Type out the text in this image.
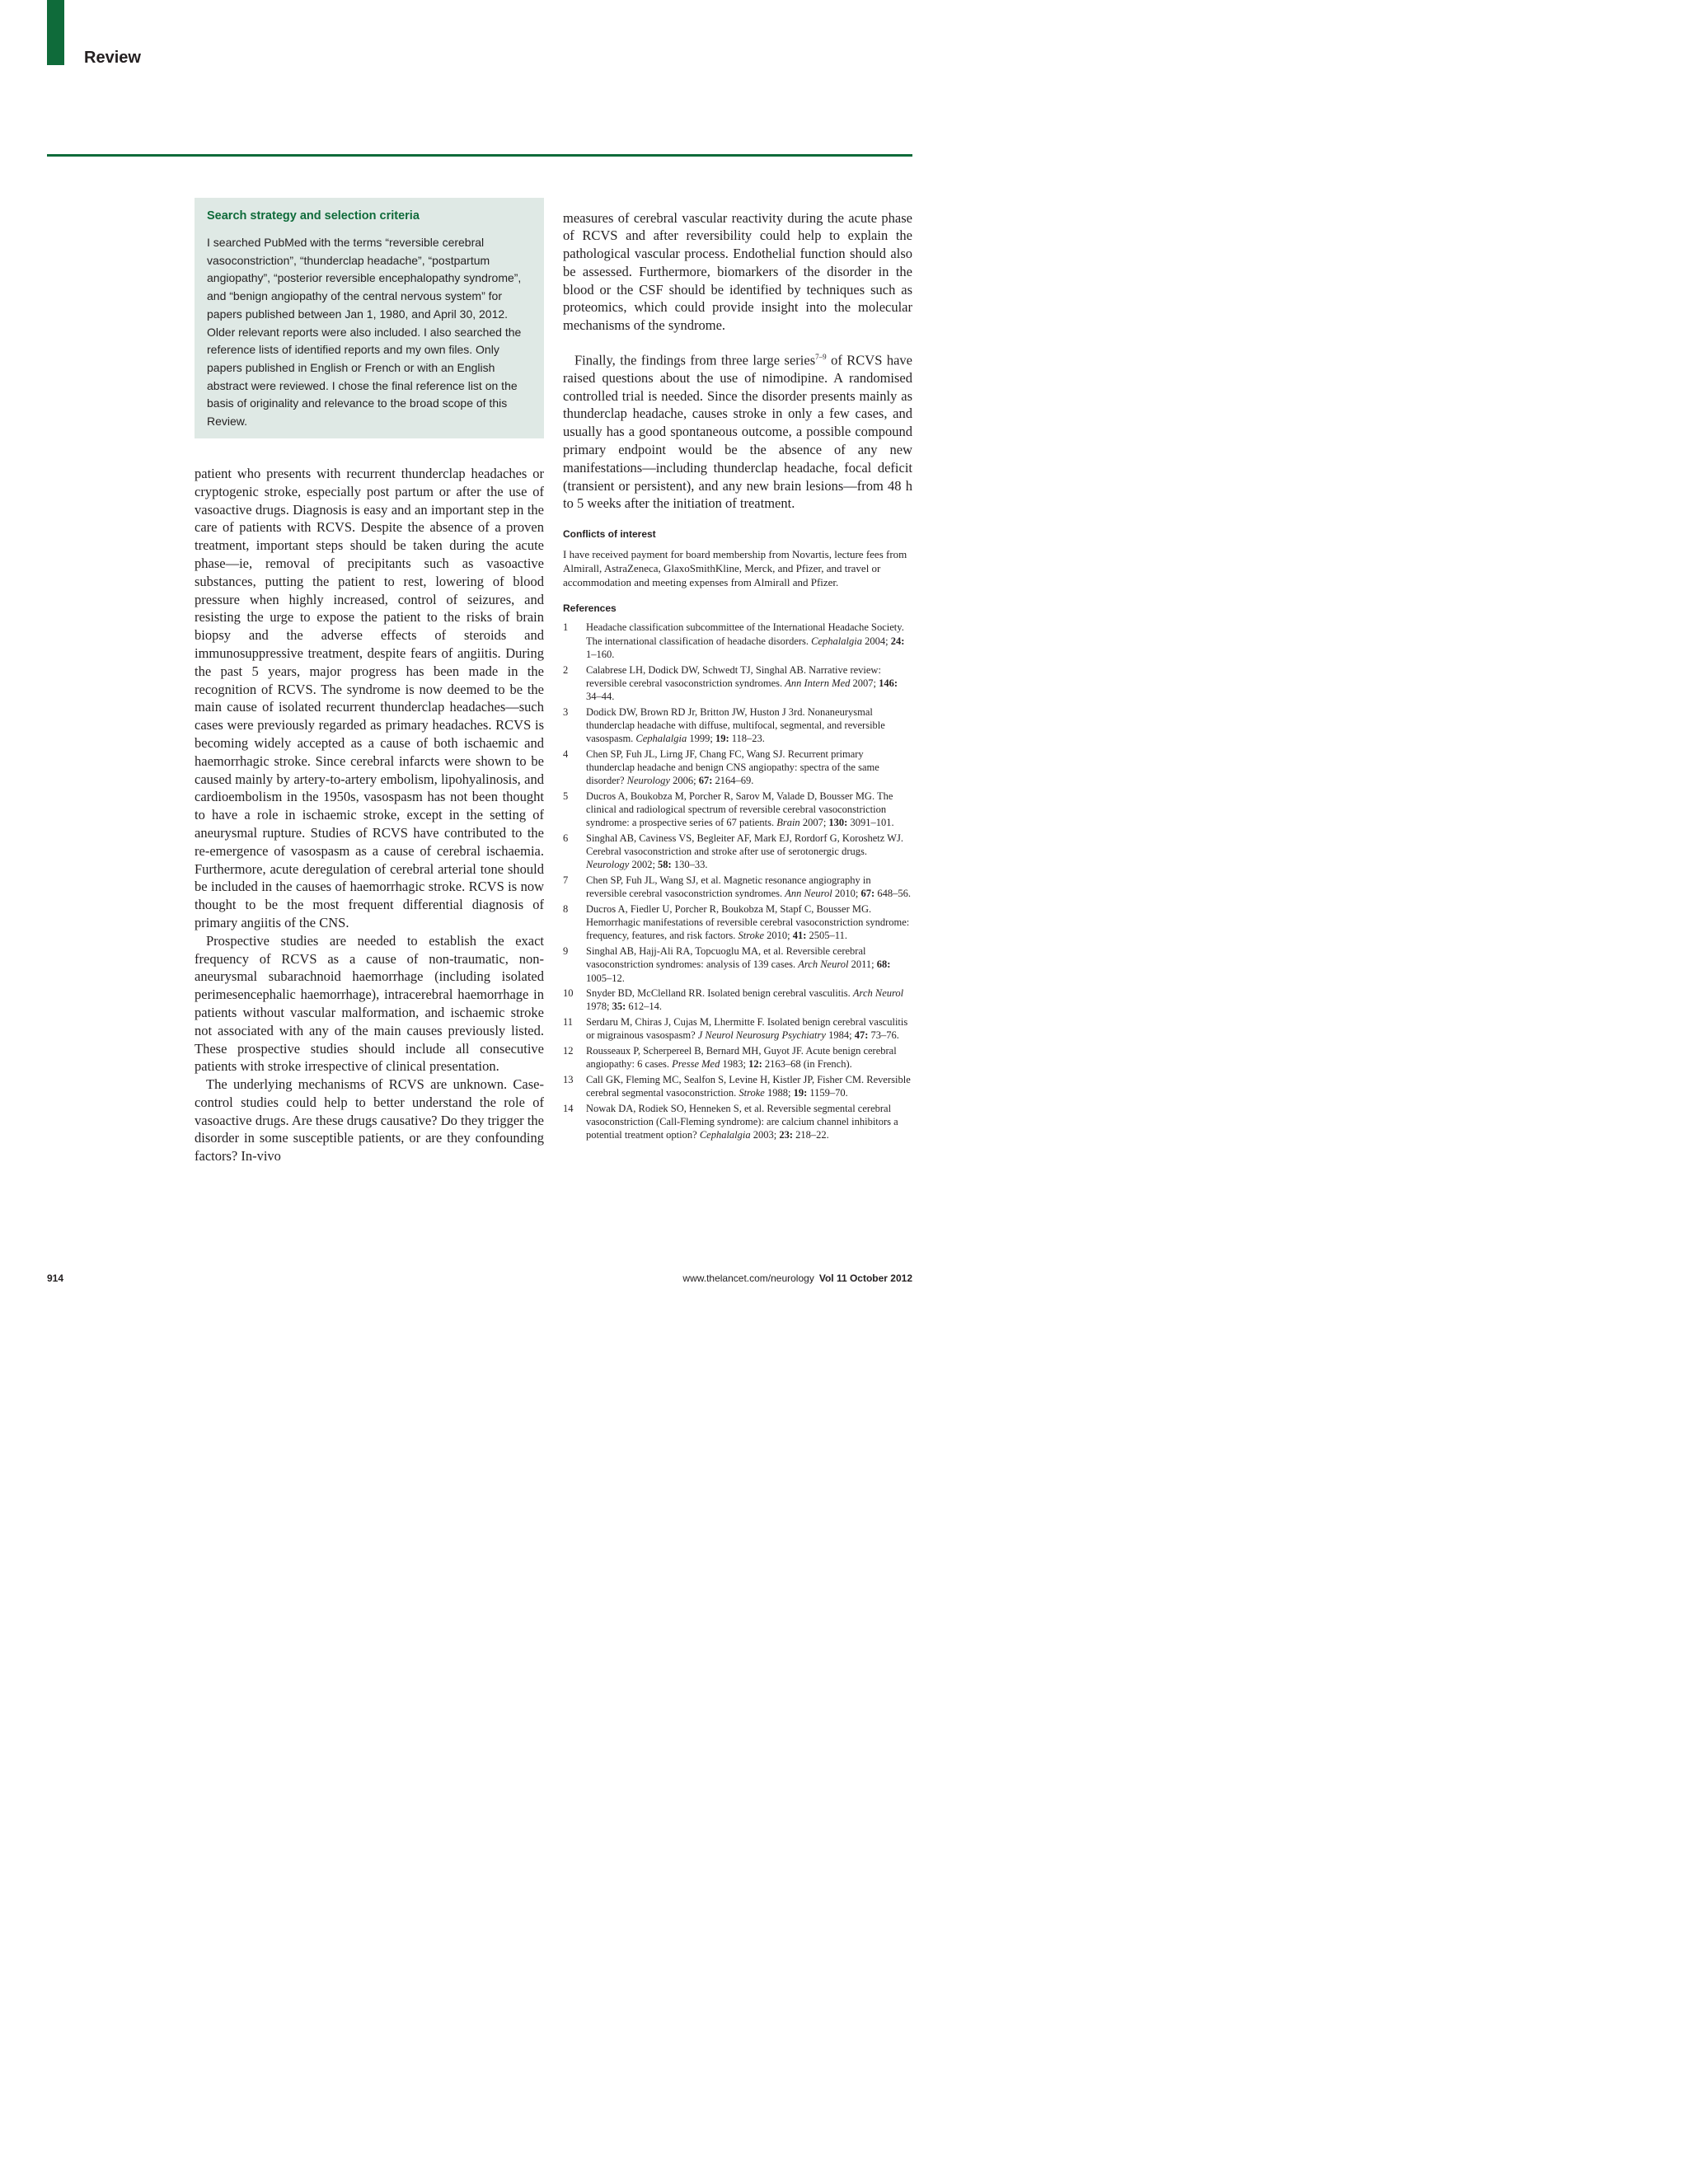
Review
Search strategy and selection criteria

I searched PubMed with the terms “reversible cerebral vasoconstriction”, “thunderclap headache”, “postpartum angiopathy”, “posterior reversible encephalopathy syndrome”, and “benign angiopathy of the central nervous system” for papers published between Jan 1, 1980, and April 30, 2012. Older relevant reports were also included. I also searched the reference lists of identified reports and my own files. Only papers published in English or French or with an English abstract were reviewed. I chose the final reference list on the basis of originality and relevance to the broad scope of this Review.

patient who presents with recurrent thunderclap headaches or cryptogenic stroke, especially post partum or after the use of vasoactive drugs. Diagnosis is easy and an important step in the care of patients with RCVS. Despite the absence of a proven treatment, important steps should be taken during the acute phase—ie, removal of precipitants such as vasoactive substances, putting the patient to rest, lowering of blood pressure when highly increased, control of seizures, and resisting the urge to expose the patient to the risks of brain biopsy and the adverse effects of steroids and immunosuppressive treatment, despite fears of angiitis. During the past 5 years, major progress has been made in the recognition of RCVS. The syndrome is now deemed to be the main cause of isolated recurrent thunderclap headaches—such cases were previously regarded as primary headaches. RCVS is becoming widely accepted as a cause of both ischaemic and haemorrhagic stroke. Since cerebral infarcts were shown to be caused mainly by artery-to-artery embolism, lipohyalinosis, and cardioembolism in the 1950s, vasospasm has not been thought to have a role in ischaemic stroke, except in the setting of aneurysmal rupture. Studies of RCVS have contributed to the re-emergence of vasospasm as a cause of cerebral ischaemia. Furthermore, acute deregulation of cerebral arterial tone should be included in the causes of haemorrhagic stroke. RCVS is now thought to be the most frequent differential diagnosis of primary angiitis of the CNS.

Prospective studies are needed to establish the exact frequency of RCVS as a cause of non-traumatic, non-aneurysmal subarachnoid haemorrhage (including isolated perimesencephalic haemorrhage), intracerebral haemorrhage in patients without vascular malformation, and ischaemic stroke not associated with any of the main causes previously listed. These prospective studies should include all consecutive patients with stroke irrespective of clinical presentation.

The underlying mechanisms of RCVS are unknown. Case-control studies could help to better understand the role of vasoactive drugs. Are these drugs causative? Do they trigger the disorder in some susceptible patients, or are they confounding factors? In-vivo

measures of cerebral vascular reactivity during the acute phase of RCVS and after reversibility could help to explain the pathological vascular process. Endothelial function should also be assessed. Furthermore, biomarkers of the disorder in the blood or the CSF should be identified by techniques such as proteomics, which could provide insight into the molecular mechanisms of the syndrome.

Finally, the findings from three large series$^{7-9}$ of RCVS have raised questions about the use of nimodipine. A randomised controlled trial is needed. Since the disorder presents mainly as thunderclap headache, causes stroke in only a few cases, and usually has a good spontaneous outcome, a possible compound primary endpoint would be the absence of any new manifestations—including thunderclap headache, focal deficit (transient or persistent), and any new brain lesions—from 48 h to 5 weeks after the initiation of treatment.

Conflicts of interest

I have received payment for board membership from Novartis, lecture fees from Almirall, AstraZeneca, GlaxoSmithKline, Merck, and Pfizer, and travel or accommodation and meeting expenses from Almirall and Pfizer.

References
1 Headache classification subcommittee of the International Headache Society. The international classification of headache disorders. Cephalalgia 2004; 24: 1–160.
2 Calabrese LH, Dodick DW, Schwedt TJ, Singhal AB. Narrative review: reversible cerebral vasoconstriction syndromes. Ann Intern Med 2007; 146: 34–44.
3 Dodick DW, Brown RD Jr, Britton JW, Huston J 3rd. Nonaneurysmal thunderclap headache with diffuse, multifocal, segmental, and reversible vasospasm. Cephalalgia 1999; 19: 118–23.
4 Chen SP, Fuh JL, Lirng JF, Chang FC, Wang SJ. Recurrent primary thunderclap headache and benign CNS angiopathy: spectra of the same disorder? Neurology 2006; 67: 2164–69.
5 Ducros A, Boukobza M, Porcher R, Sarov M, Valade D, Bousser MG. The clinical and radiological spectrum of reversible cerebral vasoconstriction syndrome: a prospective series of 67 patients. Brain 2007; 130: 3091–101.
6 Singhal AB, Caviness VS, Begleiter AF, Mark EJ, Rordorf G, Koroshetz WJ. Cerebral vasoconstriction and stroke after use of serotonergic drugs. Neurology 2002; 58: 130–33.
7 Chen SP, Fuh JL, Wang SJ, et al. Magnetic resonance angiography in reversible cerebral vasoconstriction syndromes. Ann Neurol 2010; 67: 648–56.
8 Ducros A, Fiedler U, Porcher R, Boukobza M, Stapf C, Bousser MG. Hemorrhagic manifestations of reversible cerebral vasoconstriction syndrome: frequency, features, and risk factors. Stroke 2010; 41: 2505–11.
9 Singhal AB, Hajj-Ali RA, Topcuoglu MA, et al. Reversible cerebral vasoconstriction syndromes: analysis of 139 cases. Arch Neurol 2011; 68: 1005–12.
10 Snyder BD, McClelland RR. Isolated benign cerebral vasculitis. Arch Neurol 1978; 35: 612–14.
11 Serdaru M, Chiras J, Cujas M, Lhermitte F. Isolated benign cerebral vasculitis or migrainous vasospasm? J Neurol Neurosurg Psychiatry 1984; 47: 73–76.
12 Rousseaux P, Scherpereel B, Bernard MH, Guyot JF. Acute benign cerebral angiopathy: 6 cases. Presse Med 1983; 12: 2163–68 (in French).
13 Call GK, Fleming MC, Sealfon S, Levine H, Kistler JP, Fisher CM. Reversible cerebral segmental vasoconstriction. Stroke 1988; 19: 1159–70.
14 Nowak DA, Rodiek SO, Henneken S, et al. Reversible segmental cerebral vasoconstriction (Call-Fleming syndrome): are calcium channel inhibitors a potential treatment option? Cephalalgia 2003; 23: 218–22.
914	www.thelancet.com/neurology Vol 11 October 2012
